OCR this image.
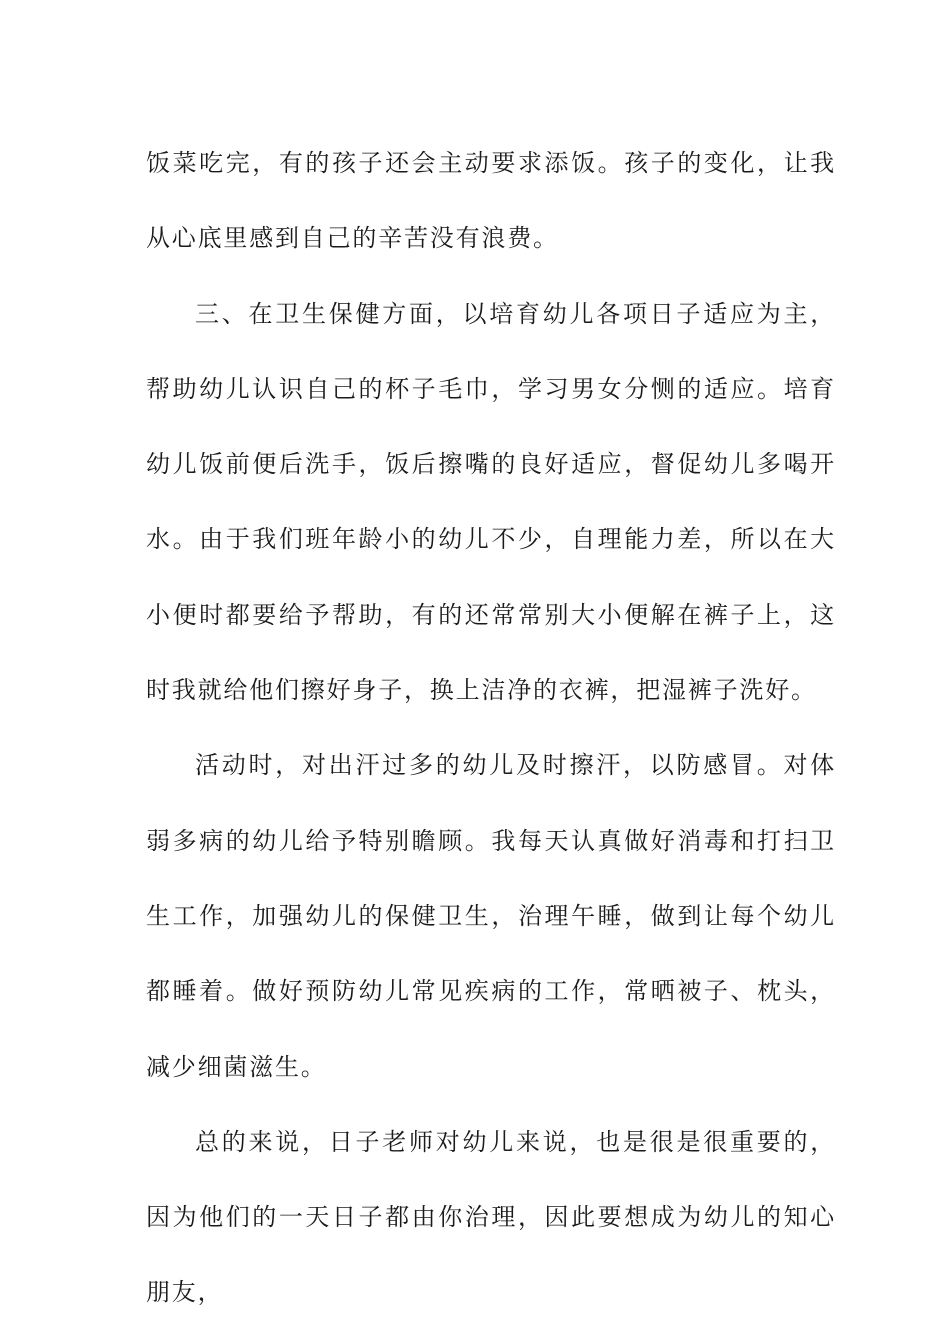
饭菜吃完，有的孩子还会主动要求添饭。孩子的变化，让我从心底里感到自己的辛苦没有浪费。

三、在卫生保健方面，以培育幼儿各项日子适应为主，帮助幼儿认识自己的杯子毛巾，学习男女分恻的适应。培育幼儿饭前便后洗手，饭后擦嘴的良好适应，督促幼儿多喝开水。由于我们班年龄小的幼儿不少，自理能力差，所以在大小便时都要给予帮助，有的还常常别大小便解在裤子上，这时我就给他们擦好身子，换上洁净的衣裤，把湿裤子洗好。

活动时，对出汗过多的幼儿及时擦汗，以防感冒。对体弱多病的幼儿给予特别瞻顾。我每天认真做好消毒和打扫卫生工作，加强幼儿的保健卫生，治理午睡，做到让每个幼儿都睡着。做好预防幼儿常见疾病的工作，常晒被子、枕头，减少细菌滋生。

总的来说，日子老师对幼儿来说，也是很是很重要的，因为他们的一天日子都由你治理，因此要想成为幼儿的知心朋友，
